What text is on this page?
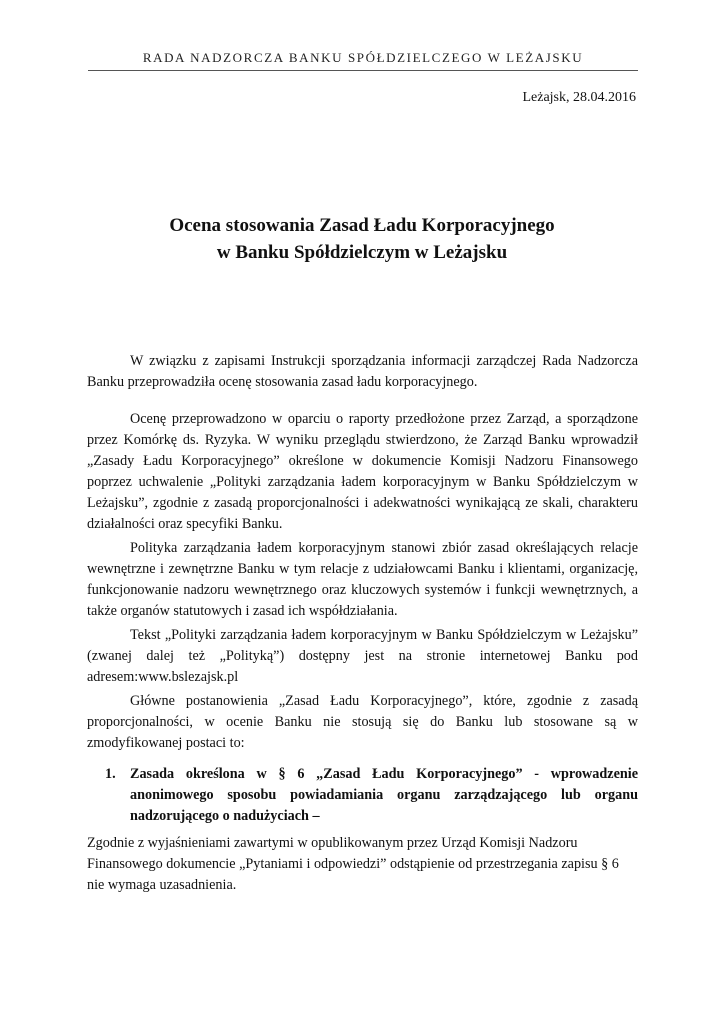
RADA NADZORCZA BANKU SPÓŁDZIELCZEGO W LEŻAJSKU
Leżajsk, 28.04.2016
Ocena stosowania Zasad Ładu Korporacyjnego
w Banku Spółdzielczym w Leżajsku

W związku z zapisami Instrukcji sporządzania informacji zarządczej Rada Nadzorcza Banku przeprowadziła ocenę stosowania zasad ładu korporacyjnego.

Ocenę przeprowadzono w oparciu o raporty przedłożone przez Zarząd, a sporządzone przez Komórkę ds. Ryzyka. W wyniku przeglądu stwierdzono, że Zarząd Banku wprowadził „Zasady Ładu Korporacyjnego” określone w dokumencie Komisji Nadzoru Finansowego poprzez uchwalenie „Polityki zarządzania ładem korporacyjnym w Banku Spółdzielczym w Leżajsku”, zgodnie z zasadą proporcjonalności i adekwatności wynikającą ze skali, charakteru działalności oraz specyfiki Banku.

Polityka zarządzania ładem korporacyjnym stanowi zbiór zasad określających relacje wewnętrzne i zewnętrzne Banku w tym relacje z udziałowcami Banku i klientami, organizację, funkcjonowanie nadzoru wewnętrznego oraz kluczowych systemów i funkcji wewnętrznych, a także organów statutowych i zasad ich współdziałania.

Tekst „Polityki zarządzania ładem korporacyjnym w Banku Spółdzielczym w Leżajsku” (zwanej dalej też „Polityką”) dostępny jest na stronie internetowej Banku pod adresem:www.bslezajsk.pl

Główne postanowienia „Zasad Ładu Korporacyjnego”, które, zgodnie z zasadą proporcjonalności, w ocenie Banku nie stosują się do Banku lub stosowane są w zmodyfikowanej postaci to:

1. Zasada określona w § 6 „Zasad Ładu Korporacyjnego” - wprowadzenie anonimowego sposobu powiadamiania organu zarządzającego lub organu nadzorującego o nadużyciach –

Zgodnie z wyjaśnieniami zawartymi w opublikowanym przez Urząd Komisji Nadzoru Finansowego dokumencie „Pytaniami i odpowiedzi” odstąpienie od przestrzegania zapisu § 6 nie wymaga uzasadnienia.
